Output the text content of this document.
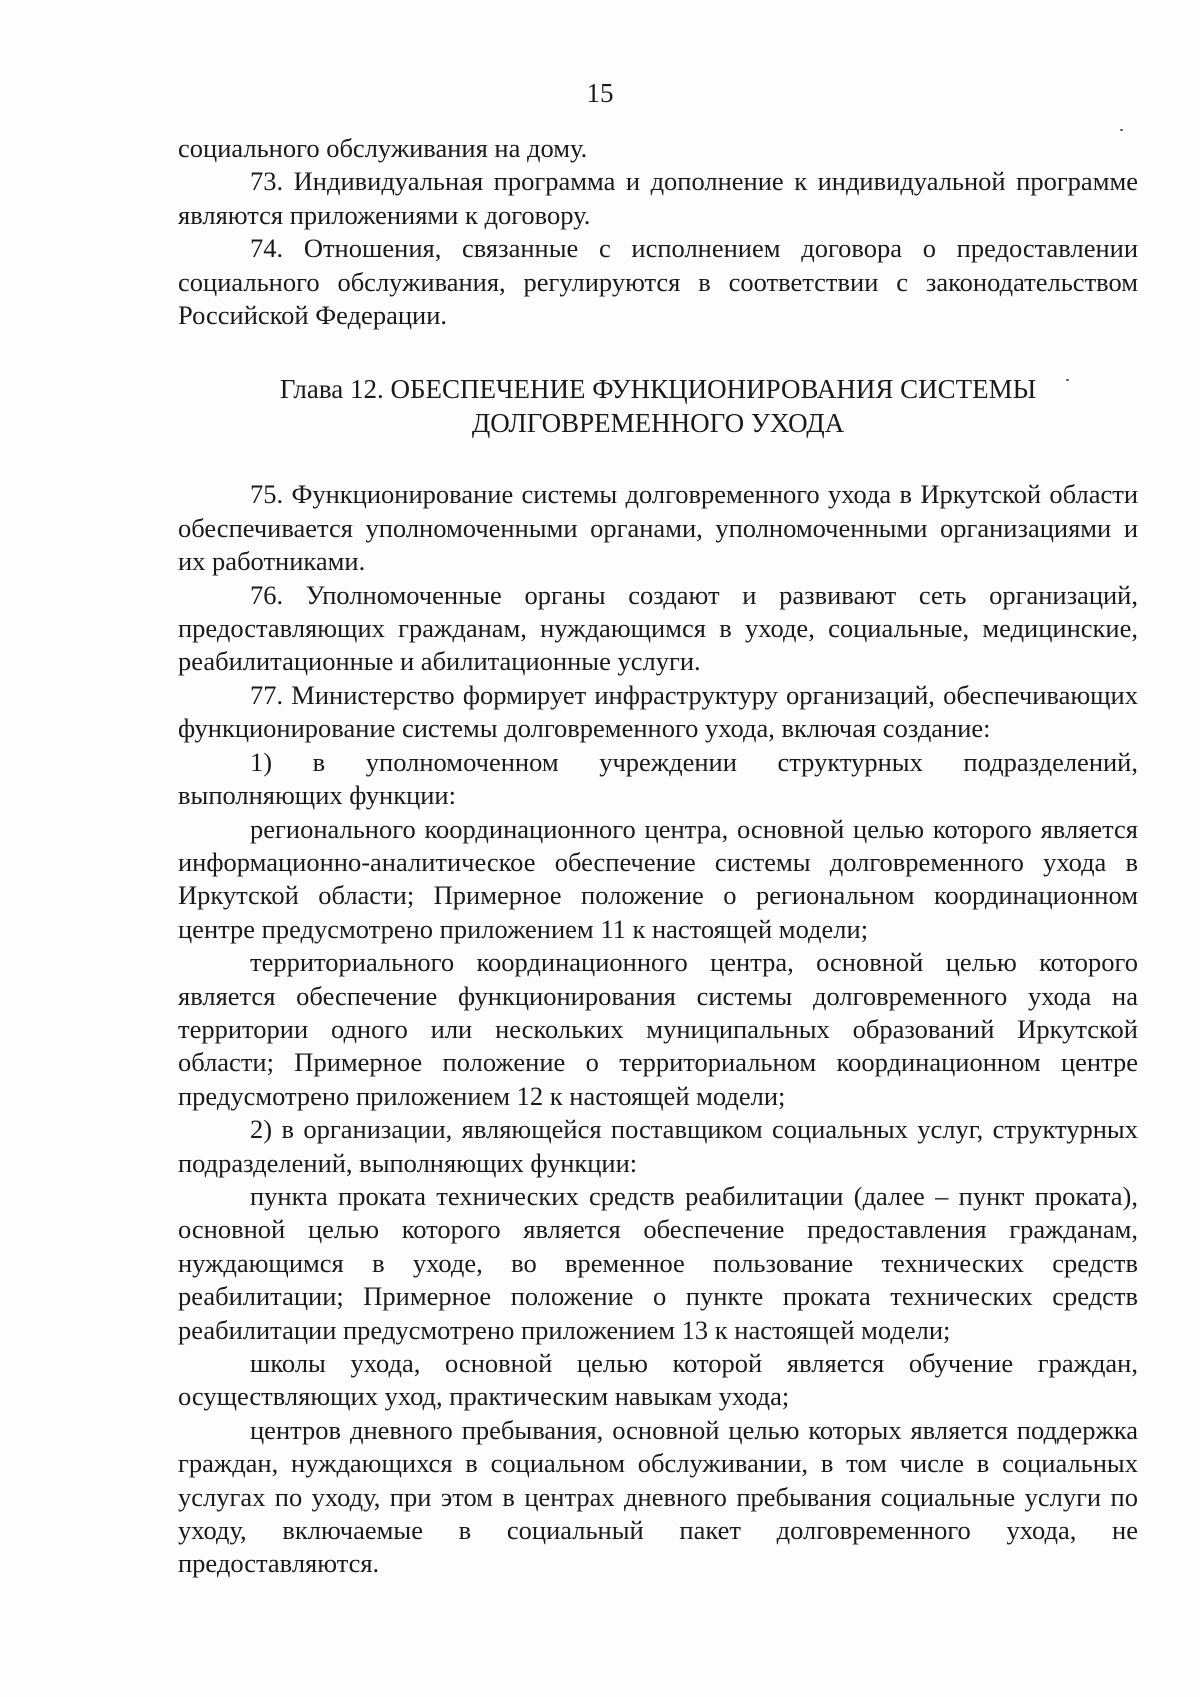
15

социального обслуживания на дому.

73. Индивидуальная программа и дополнение к индивидуальной программе являются приложениями к договору.

74. Отношения, связанные с исполнением договора о предоставлении социального обслуживания, регулируются в соответствии с законодательством Российской Федерации.

Глава 12. ОБЕСПЕЧЕНИЕ ФУНКЦИОНИРОВАНИЯ СИСТЕМЫ
ДОЛГОВРЕМЕННОГО УХОДА

75. Функционирование системы долговременного ухода в Иркутской области обеспечивается уполномоченными органами, уполномоченными организациями и их работниками.

76. Уполномоченные органы создают и развивают сеть организаций, предоставляющих гражданам, нуждающимся в уходе, социальные, медицинские, реабилитационные и абилитационные услуги.

77. Министерство формирует инфраструктуру организаций, обеспечивающих функционирование системы долговременного ухода, включая создание:

1) в уполномоченном учреждении структурных подразделений, выполняющих функции:

регионального координационного центра, основной целью которого является информационно-аналитическое обеспечение системы долговременного ухода в Иркутской области; Примерное положение о региональном координационном центре предусмотрено приложением 11 к настоящей модели;

территориального координационного центра, основной целью которого является обеспечение функционирования системы долговременного ухода на территории одного или нескольких муниципальных образований Иркутской области; Примерное положение о территориальном координационном центре предусмотрено приложением 12 к настоящей модели;

2) в организации, являющейся поставщиком социальных услуг, структурных подразделений, выполняющих функции:

пункта проката технических средств реабилитации (далее – пункт проката), основной целью которого является обеспечение предоставления гражданам, нуждающимся в уходе, во временное пользование технических средств реабилитации; Примерное положение о пункте проката технических средств реабилитации предусмотрено приложением 13 к настоящей модели;

школы ухода, основной целью которой является обучение граждан, осуществляющих уход, практическим навыкам ухода;

центров дневного пребывания, основной целью которых является поддержка граждан, нуждающихся в социальном обслуживании, в том числе в социальных услугах по уходу, при этом в центрах дневного пребывания социальные услуги по уходу, включаемые в социальный пакет долговременного ухода, не предоставляются.
